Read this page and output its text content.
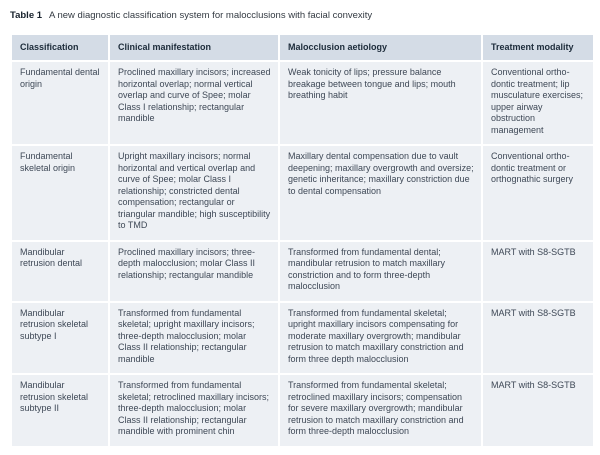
Table 1 A new diagnostic classification system for malocclusions with facial convexity
Classification	Clinical manifestation	Malocclusion aetiology	Treatment modality
Fundamental dental origin	Proclined maxillary incisors; increased horizontal overlap; normal vertical overlap and curve of Spee; molar Class I relationship; rectangular mandible	Weak tonicity of lips; pressure balance breakage between tongue and lips; mouth breathing habit	Conventional orthodontic treatment; lip musculature exercises; upper airway obstruction management
Fundamental skeletal origin	Upright maxillary incisors; normal horizontal and vertical overlap and curve of Spee; molar Class I relationship; constricted dental compensation; rectangular or triangular mandible; high susceptibility to TMD	Maxillary dental compensation due to vault deepening; maxillary overgrowth and oversize; genetic inheritance; maxillary constriction due to dental compensation	Conventional orthodontic treatment or orthognathic surgery
Mandibular retrusion dental	Proclined maxillary incisors; three-depth malocclusion; molar Class II relationship; rectangular mandible	Transformed from fundamental dental; mandibular retrusion to match maxillary constriction and to form three-depth malocclusion	MART with S8-SGTB
Mandibular retrusion skeletal subtype I	Transformed from fundamental skeletal; upright maxillary incisors; three-depth malocclusion; molar Class II relationship; rectangular mandible	Transformed from fundamental skeletal; upright maxillary incisors compensating for moderate maxillary overgrowth; mandibular retrusion to match maxillary constriction and form three depth malocclusion	MART with S8-SGTB
Mandibular retrusion skeletal subtype II	Transformed from fundamental skeletal; retroclined maxillary incisors; three-depth malocclusion; molar Class II relationship; rectangular mandible with prominent chin	Transformed from fundamental skeletal; retroclined maxillary incisors; compensation for severe maxillary overgrowth; mandibular retrusion to match maxillary constriction and form three-depth malocclusion	MART with S8-SGTB
